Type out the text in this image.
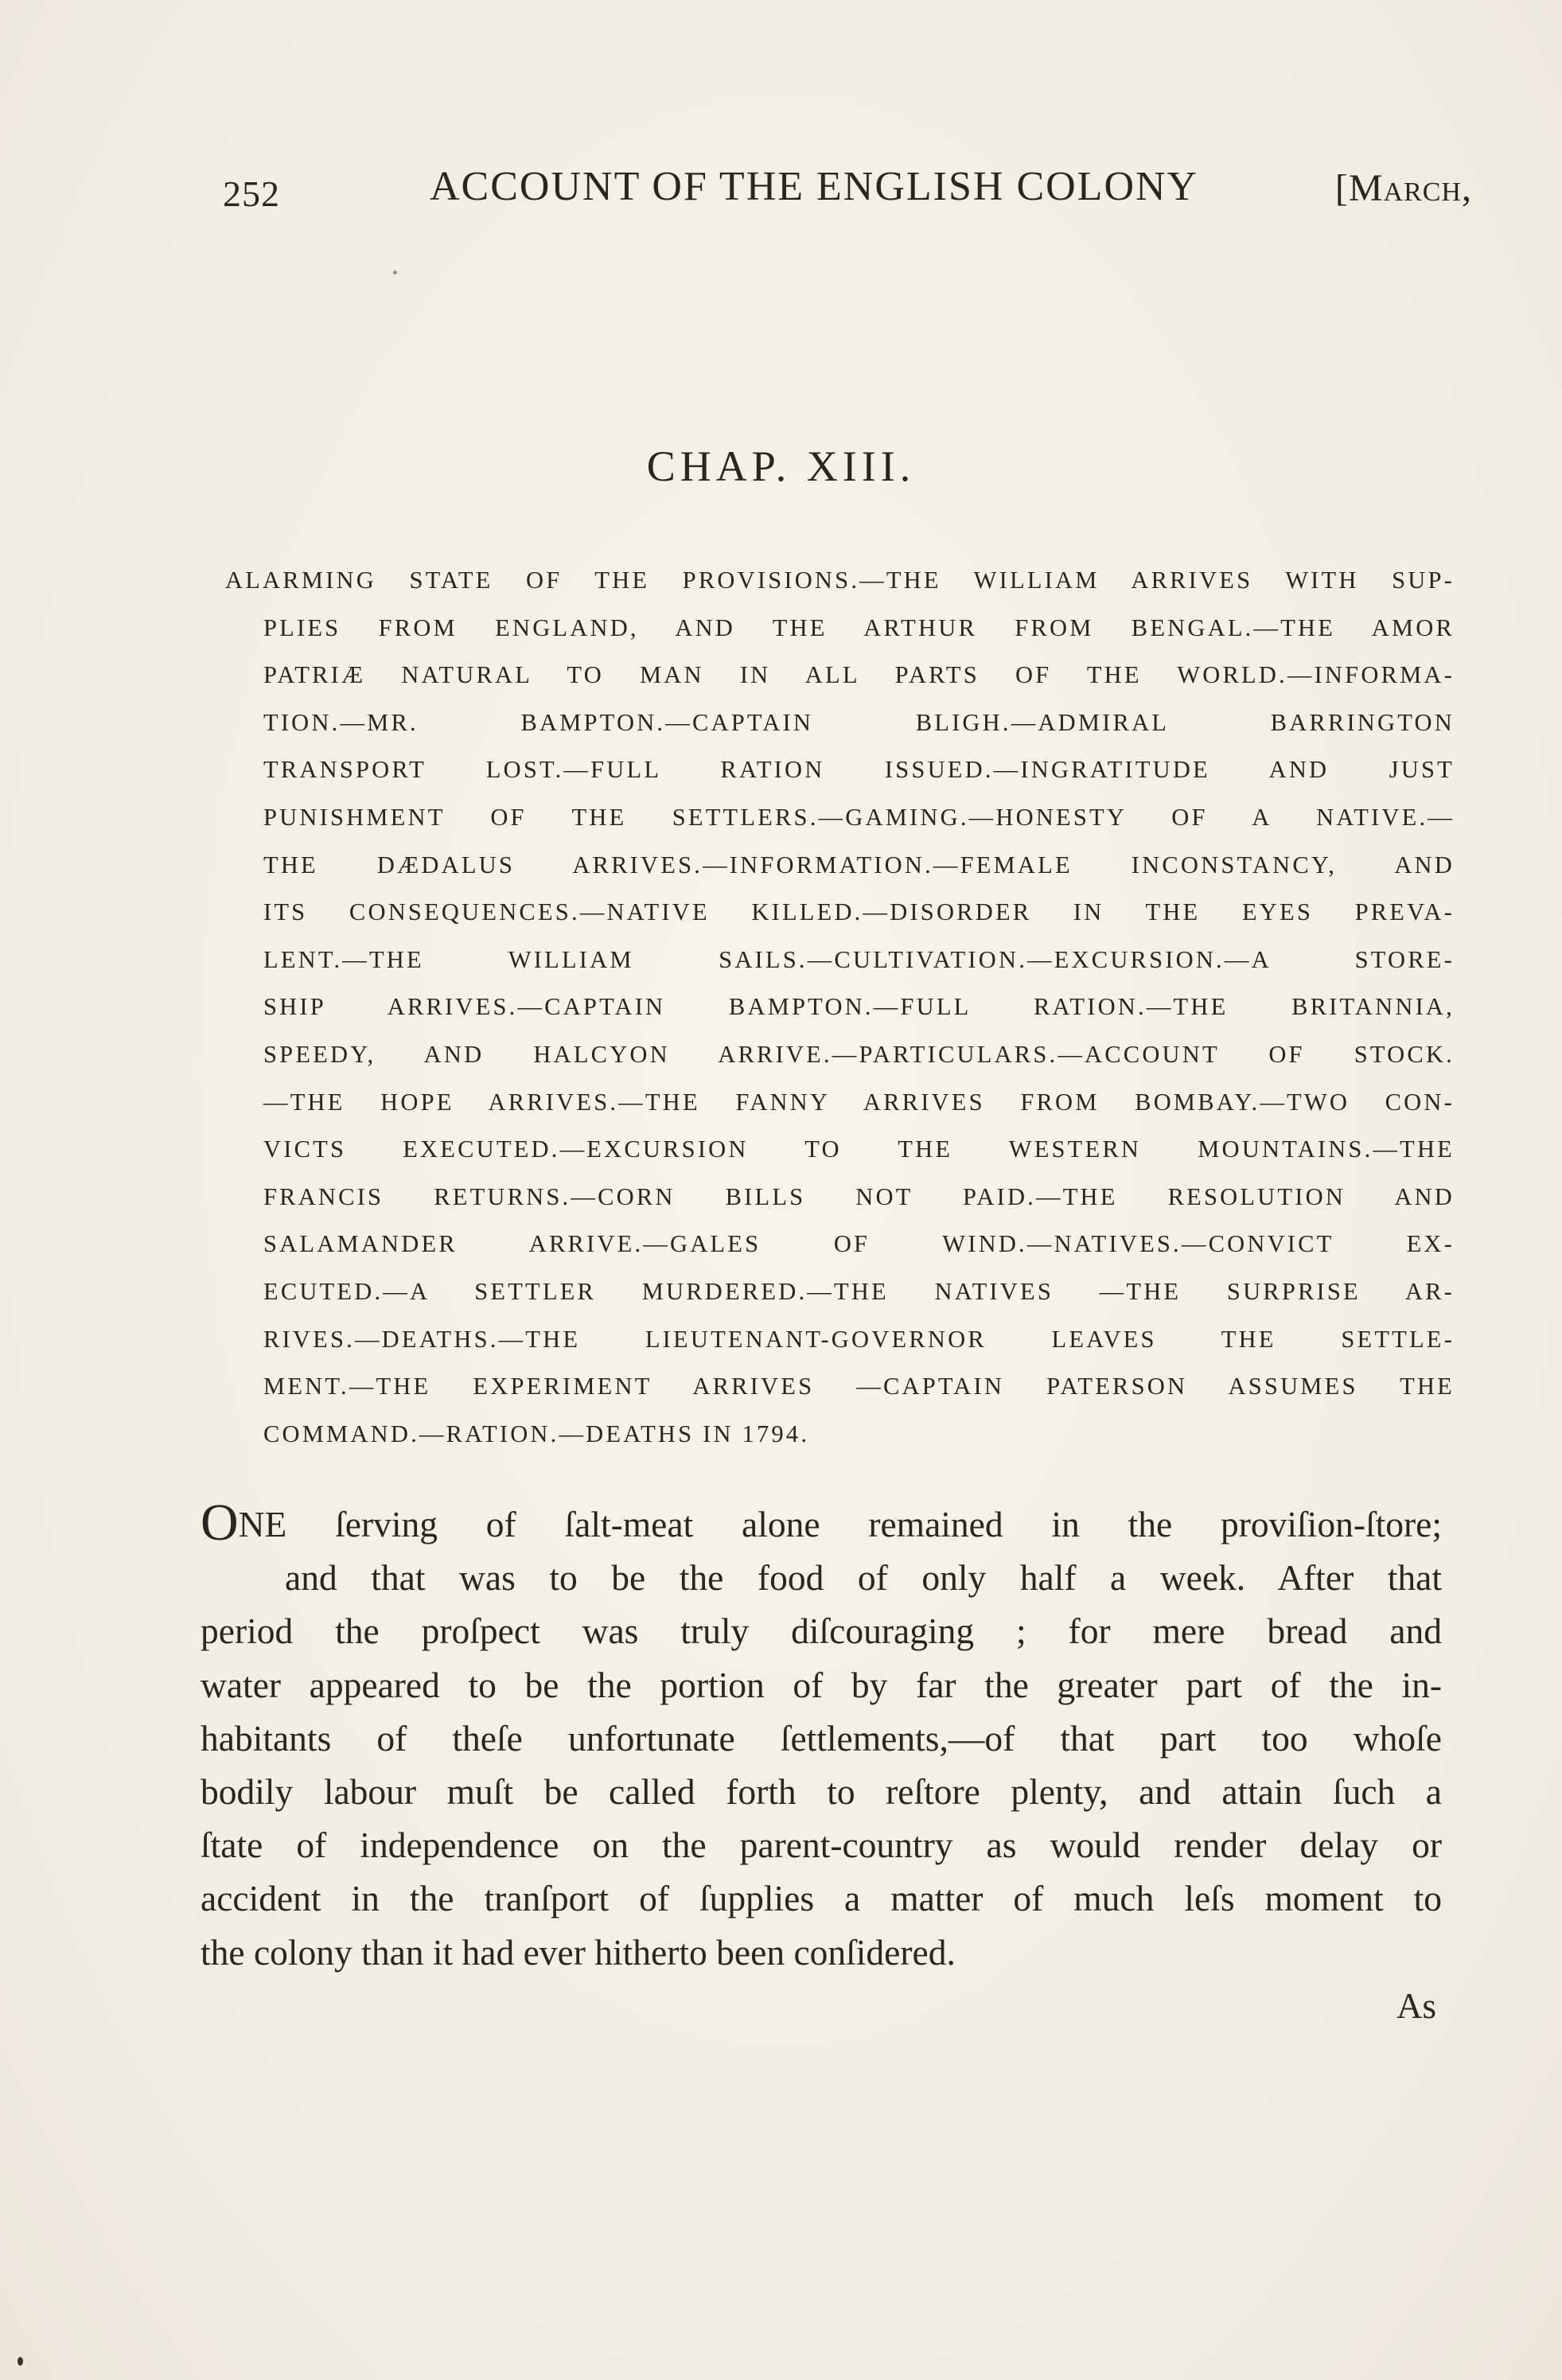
252	ACCOUNT OF THE ENGLISH COLONY	[March,
CHAP. XIII.
ALARMING STATE OF THE PROVISIONS.—THE WILLIAM ARRIVES WITH SUP-
PLIES FROM ENGLAND, AND THE ARTHUR FROM BENGAL.—THE AMOR
PATRIÆ NATURAL TO MAN IN ALL PARTS OF THE WORLD.—INFORMA-
TION.—MR. BAMPTON.—CAPTAIN BLIGH.—ADMIRAL BARRINGTON
TRANSPORT LOST.—FULL RATION ISSUED.—INGRATITUDE AND JUST
PUNISHMENT OF THE SETTLERS.—GAMING.—HONESTY OF A NATIVE.—
THE DÆDALUS ARRIVES.—INFORMATION.—FEMALE INCONSTANCY, AND
ITS CONSEQUENCES.—NATIVE KILLED.—DISORDER IN THE EYES PREVA-
LENT.—THE WILLIAM SAILS.—CULTIVATION.—EXCURSION.—A STORE-
SHIP ARRIVES.—CAPTAIN BAMPTON.—FULL RATION.—THE BRITANNIA,
SPEEDY, AND HALCYON ARRIVE.—PARTICULARS.—ACCOUNT OF STOCK.
—THE HOPE ARRIVES.—THE FANNY ARRIVES FROM BOMBAY.—TWO CON-
VICTS EXECUTED.—EXCURSION TO THE WESTERN MOUNTAINS.—THE
FRANCIS RETURNS.—CORN BILLS NOT PAID.—THE RESOLUTION AND
SALAMANDER ARRIVE.—GALES OF WIND.—NATIVES.—CONVICT EX-
ECUTED.—A SETTLER MURDERED.—THE NATIVES —THE SURPRISE AR-
RIVES.—DEATHS.—THE LIEUTENANT-GOVERNOR LEAVES THE SETTLE-
MENT.—THE EXPERIMENT ARRIVES —CAPTAIN PATERSON ASSUMES THE
COMMAND.—RATION.—DEATHS IN 1794.
ONE ſerving of ſalt-meat alone remained in the proviſion-ſtore;
and that was to be the food of only half a week. After that
period the proſpect was truly diſcouraging ; for mere bread and
water appeared to be the portion of by far the greater part of the in-
habitants of theſe unfortunate ſettlements,—of that part too whoſe
bodily labour muſt be called forth to reſtore plenty, and attain ſuch a
ſtate of independence on the parent-country as would render delay or
accident in the tranſport of ſupplies a matter of much leſs moment to
the colony than it had ever hitherto been conſidered.
As
